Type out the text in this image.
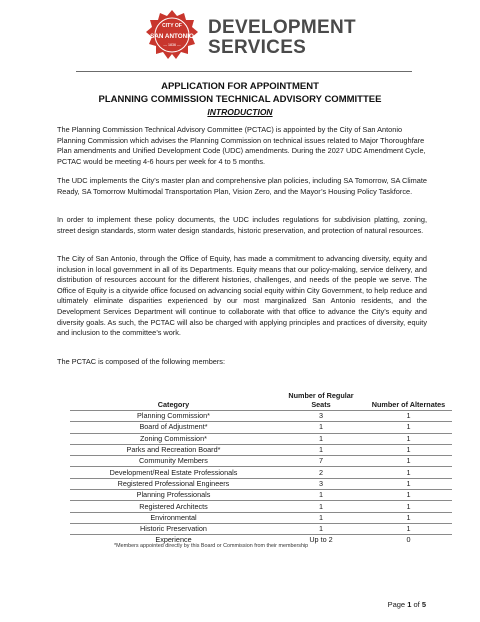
CITY OF
SAN ANTONIO
— 1836 —
DEVELOPMENT
SERVICES
APPLICATION FOR APPOINTMENT
PLANNING COMMISSION TECHNICAL ADVISORY COMMITTEE
INTRODUCTION

The Planning Commission Technical Advisory Committee (PCTAC) is appointed by the City of San Antonio Planning Commission which advises the Planning Commission on technical issues related to Major Thoroughfare Plan amendments and Unified Development Code (UDC) amendments. During the 2027 UDC Amendment Cycle, PCTAC would be meeting 4-6 hours per week for 4 to 5 months.

The UDC implements the City’s master plan and comprehensive plan policies, including SA Tomorrow, SA Climate Ready, SA Tomorrow Multimodal Transportation Plan, Vision Zero, and the Mayor’s Housing Policy Taskforce.

In order to implement these policy documents, the UDC includes regulations for subdivision platting, zoning, street design standards, storm water design standards, historic preservation, and protection of natural resources.

The City of San Antonio, through the Office of Equity, has made a commitment to advancing diversity, equity and inclusion in local government in all of its Departments. Equity means that our policy-making, service delivery, and distribution of resources account for the different histories, challenges, and needs of the people we serve. The Office of Equity is a citywide office focused on advancing social equity within City Government, to help reduce and ultimately eliminate disparities experienced by our most marginalized San Antonio residents, and the Development Services Department will continue to collaborate with that office to advance the City’s equity and diversity goals. As such, the PCTAC will also be charged with applying principles and practices of diversity, equity and inclusion to the committee’s work.

The PCTAC is composed of the following members:

Category	Number of Regular Seats	Number of Alternates
Planning Commission*	3	1
Board of Adjustment*	1	1
Zoning Commission*	1	1
Parks and Recreation Board*	1	1
Community Members	7	1
Development/Real Estate Professionals	2	1
Registered Professional Engineers	3	1
Planning Professionals	1	1
Registered Architects	1	1
Environmental	1	1
Historic Preservation	1	1
Experience	Up to 2	0
*Members appointed directly by this Board or Commission from their membership
Page 1 of 5
